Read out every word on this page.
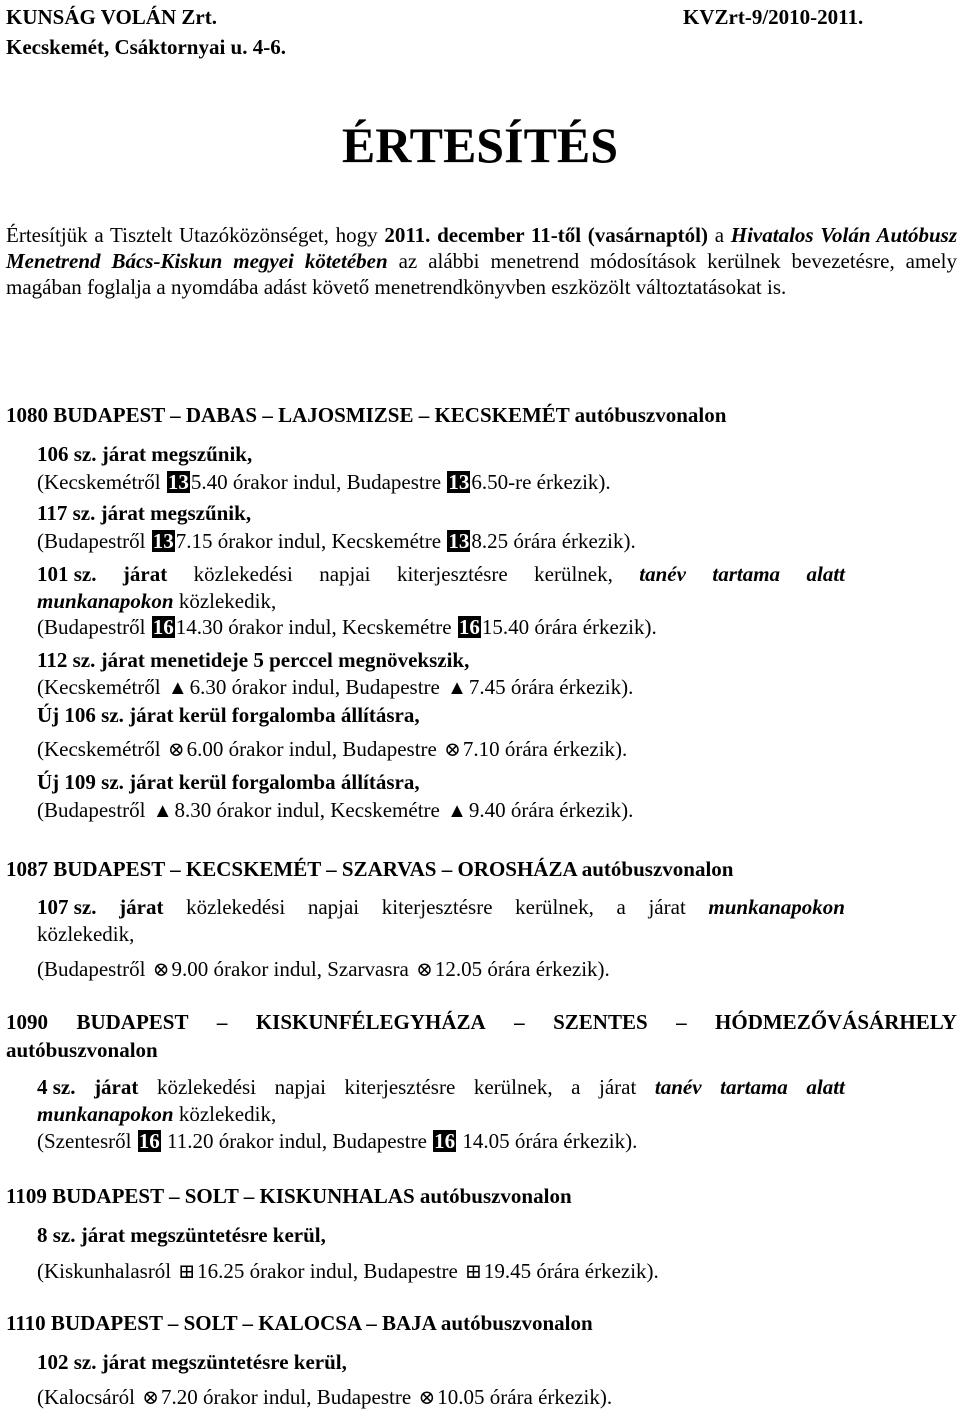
KUNSÁG VOLÁN Zrt.
Kecskemét, Csáktornyai u. 4-6.
KVZrt-9/2010-2011.
ÉRTESÍTÉS
Értesítjük a Tisztelt Utazóközönséget, hogy 2011. december 11-től (vasárnaptól) a Hivatalos Volán Autóbusz Menetrend Bács-Kiskun megyei kötetében az alábbi menetrend módosítások kerülnek bevezetésre, amely magában foglalja a nyomdába adást követő menetrendkönyvben eszközölt változtatásokat is.
1080 BUDAPEST – DABAS – LAJOSMIZSE – KECSKEMÉT autóbuszvonalon
106 sz. járat megszűnik,
(Kecskemétről 135.40 órakor indul, Budapestre 136.50-re érkezik).
117 sz. járat megszűnik,
(Budapestről 137.15 órakor indul, Kecskemétre 138.25 órára érkezik).
101 sz. járat közlekedési napjai kiterjesztésre kerülnek, tanév tartama alatt
munkanapokon közlekedik,
(Budapestről 1614.30 órakor indul, Kecskemétre 1615.40 órára érkezik).
112 sz. járat menetideje 5 perccel megnövekszik,
(Kecskemétről ▲6.30 órakor indul, Budapestre ▲7.45 órára érkezik).
Új 106 sz. járat kerül forgalomba állításra,
(Kecskemétről ⊗6.00 órakor indul, Budapestre ⊗7.10 órára érkezik).
Új 109 sz. járat kerül forgalomba állításra,
(Budapestről ▲8.30 órakor indul, Kecskemétre ▲9.40 órára érkezik).
1087 BUDAPEST – KECSKEMÉT – SZARVAS – OROSHÁZA autóbuszvonalon
107 sz. járat közlekedési napjai kiterjesztésre kerülnek, a járat munkanapokon
közlekedik,
(Budapestről ⊗9.00 órakor indul, Szarvasra ⊗12.05 órára érkezik).
1090 BUDAPEST – KISKUNFÉLEGYHÁZA – SZENTES – HÓDMEZŐVÁSÁRHELY
autóbuszvonalon
4 sz. járat közlekedési napjai kiterjesztésre kerülnek, a járat tanév tartama alatt
munkanapokon közlekedik,
(Szentesről 16 11.20 órakor indul, Budapestre 16 14.05 órára érkezik).
1109 BUDAPEST – SOLT – KISKUNHALAS autóbuszvonalon
8 sz. járat megszüntetésre kerül,
(Kiskunhalasról ⊞16.25 órakor indul, Budapestre ⊞19.45 órára érkezik).
1110 BUDAPEST – SOLT – KALOCSA – BAJA autóbuszvonalon
102 sz. járat megszüntetésre kerül,
(Kalocsáról ⊗7.20 órakor indul, Budapestre ⊗10.05 órára érkezik).
